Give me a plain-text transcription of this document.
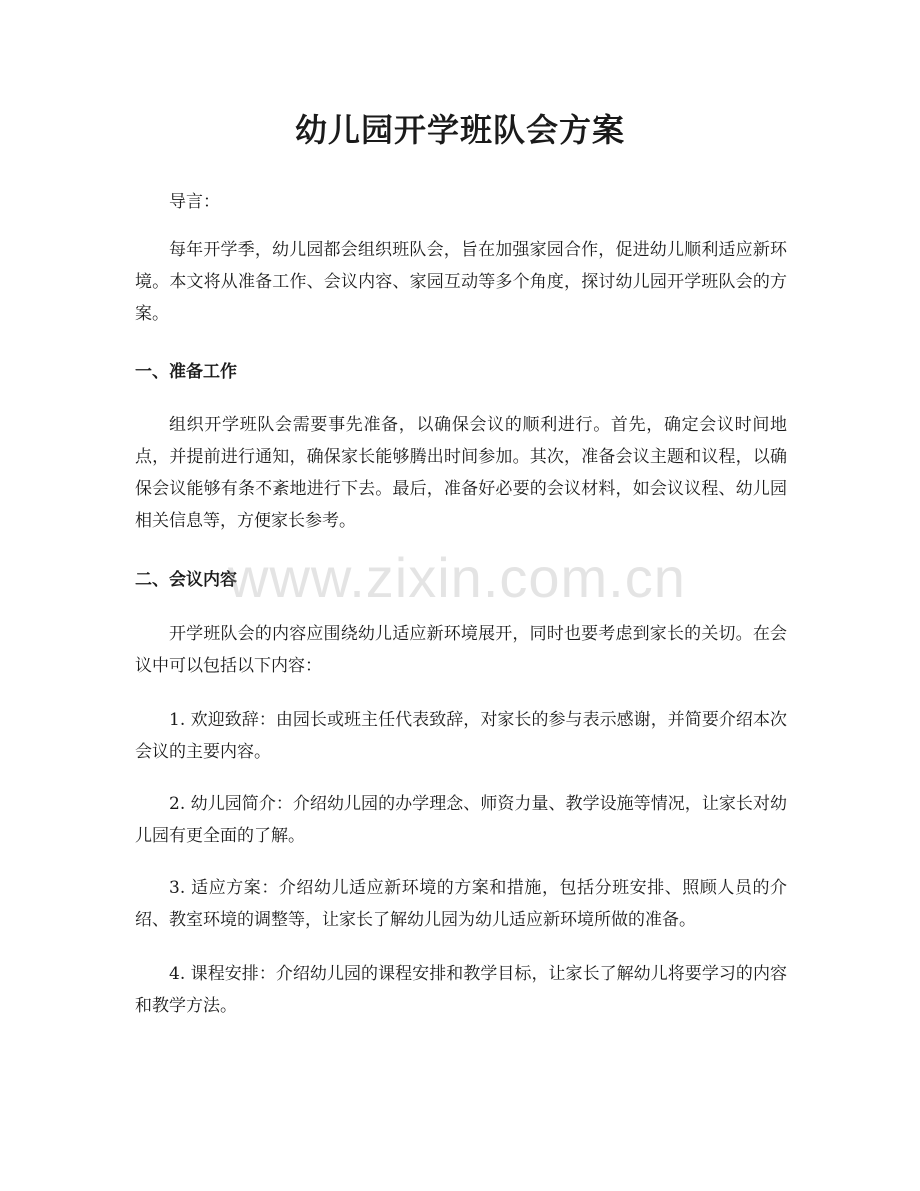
幼儿园开学班队会方案

导言：

每年开学季，幼儿园都会组织班队会，旨在加强家园合作，促进幼儿顺利适应新环境。本文将从准备工作、会议内容、家园互动等多个角度，探讨幼儿园开学班队会的方案。

一、准备工作

组织开学班队会需要事先准备，以确保会议的顺利进行。首先，确定会议时间地点，并提前进行通知，确保家长能够腾出时间参加。其次，准备会议主题和议程，以确保会议能够有条不紊地进行下去。最后，准备好必要的会议材料，如会议议程、幼儿园相关信息等，方便家长参考。

二、会议内容

开学班队会的内容应围绕幼儿适应新环境展开，同时也要考虑到家长的关切。在会议中可以包括以下内容：

1. 欢迎致辞：由园长或班主任代表致辞，对家长的参与表示感谢，并简要介绍本次会议的主要内容。

2. 幼儿园简介：介绍幼儿园的办学理念、师资力量、教学设施等情况，让家长对幼儿园有更全面的了解。

3. 适应方案：介绍幼儿适应新环境的方案和措施，包括分班安排、照顾人员的介绍、教室环境的调整等，让家长了解幼儿园为幼儿适应新环境所做的准备。

4. 课程安排：介绍幼儿园的课程安排和教学目标，让家长了解幼儿将要学习的内容和教学方法。

www.zixin.com.cn
